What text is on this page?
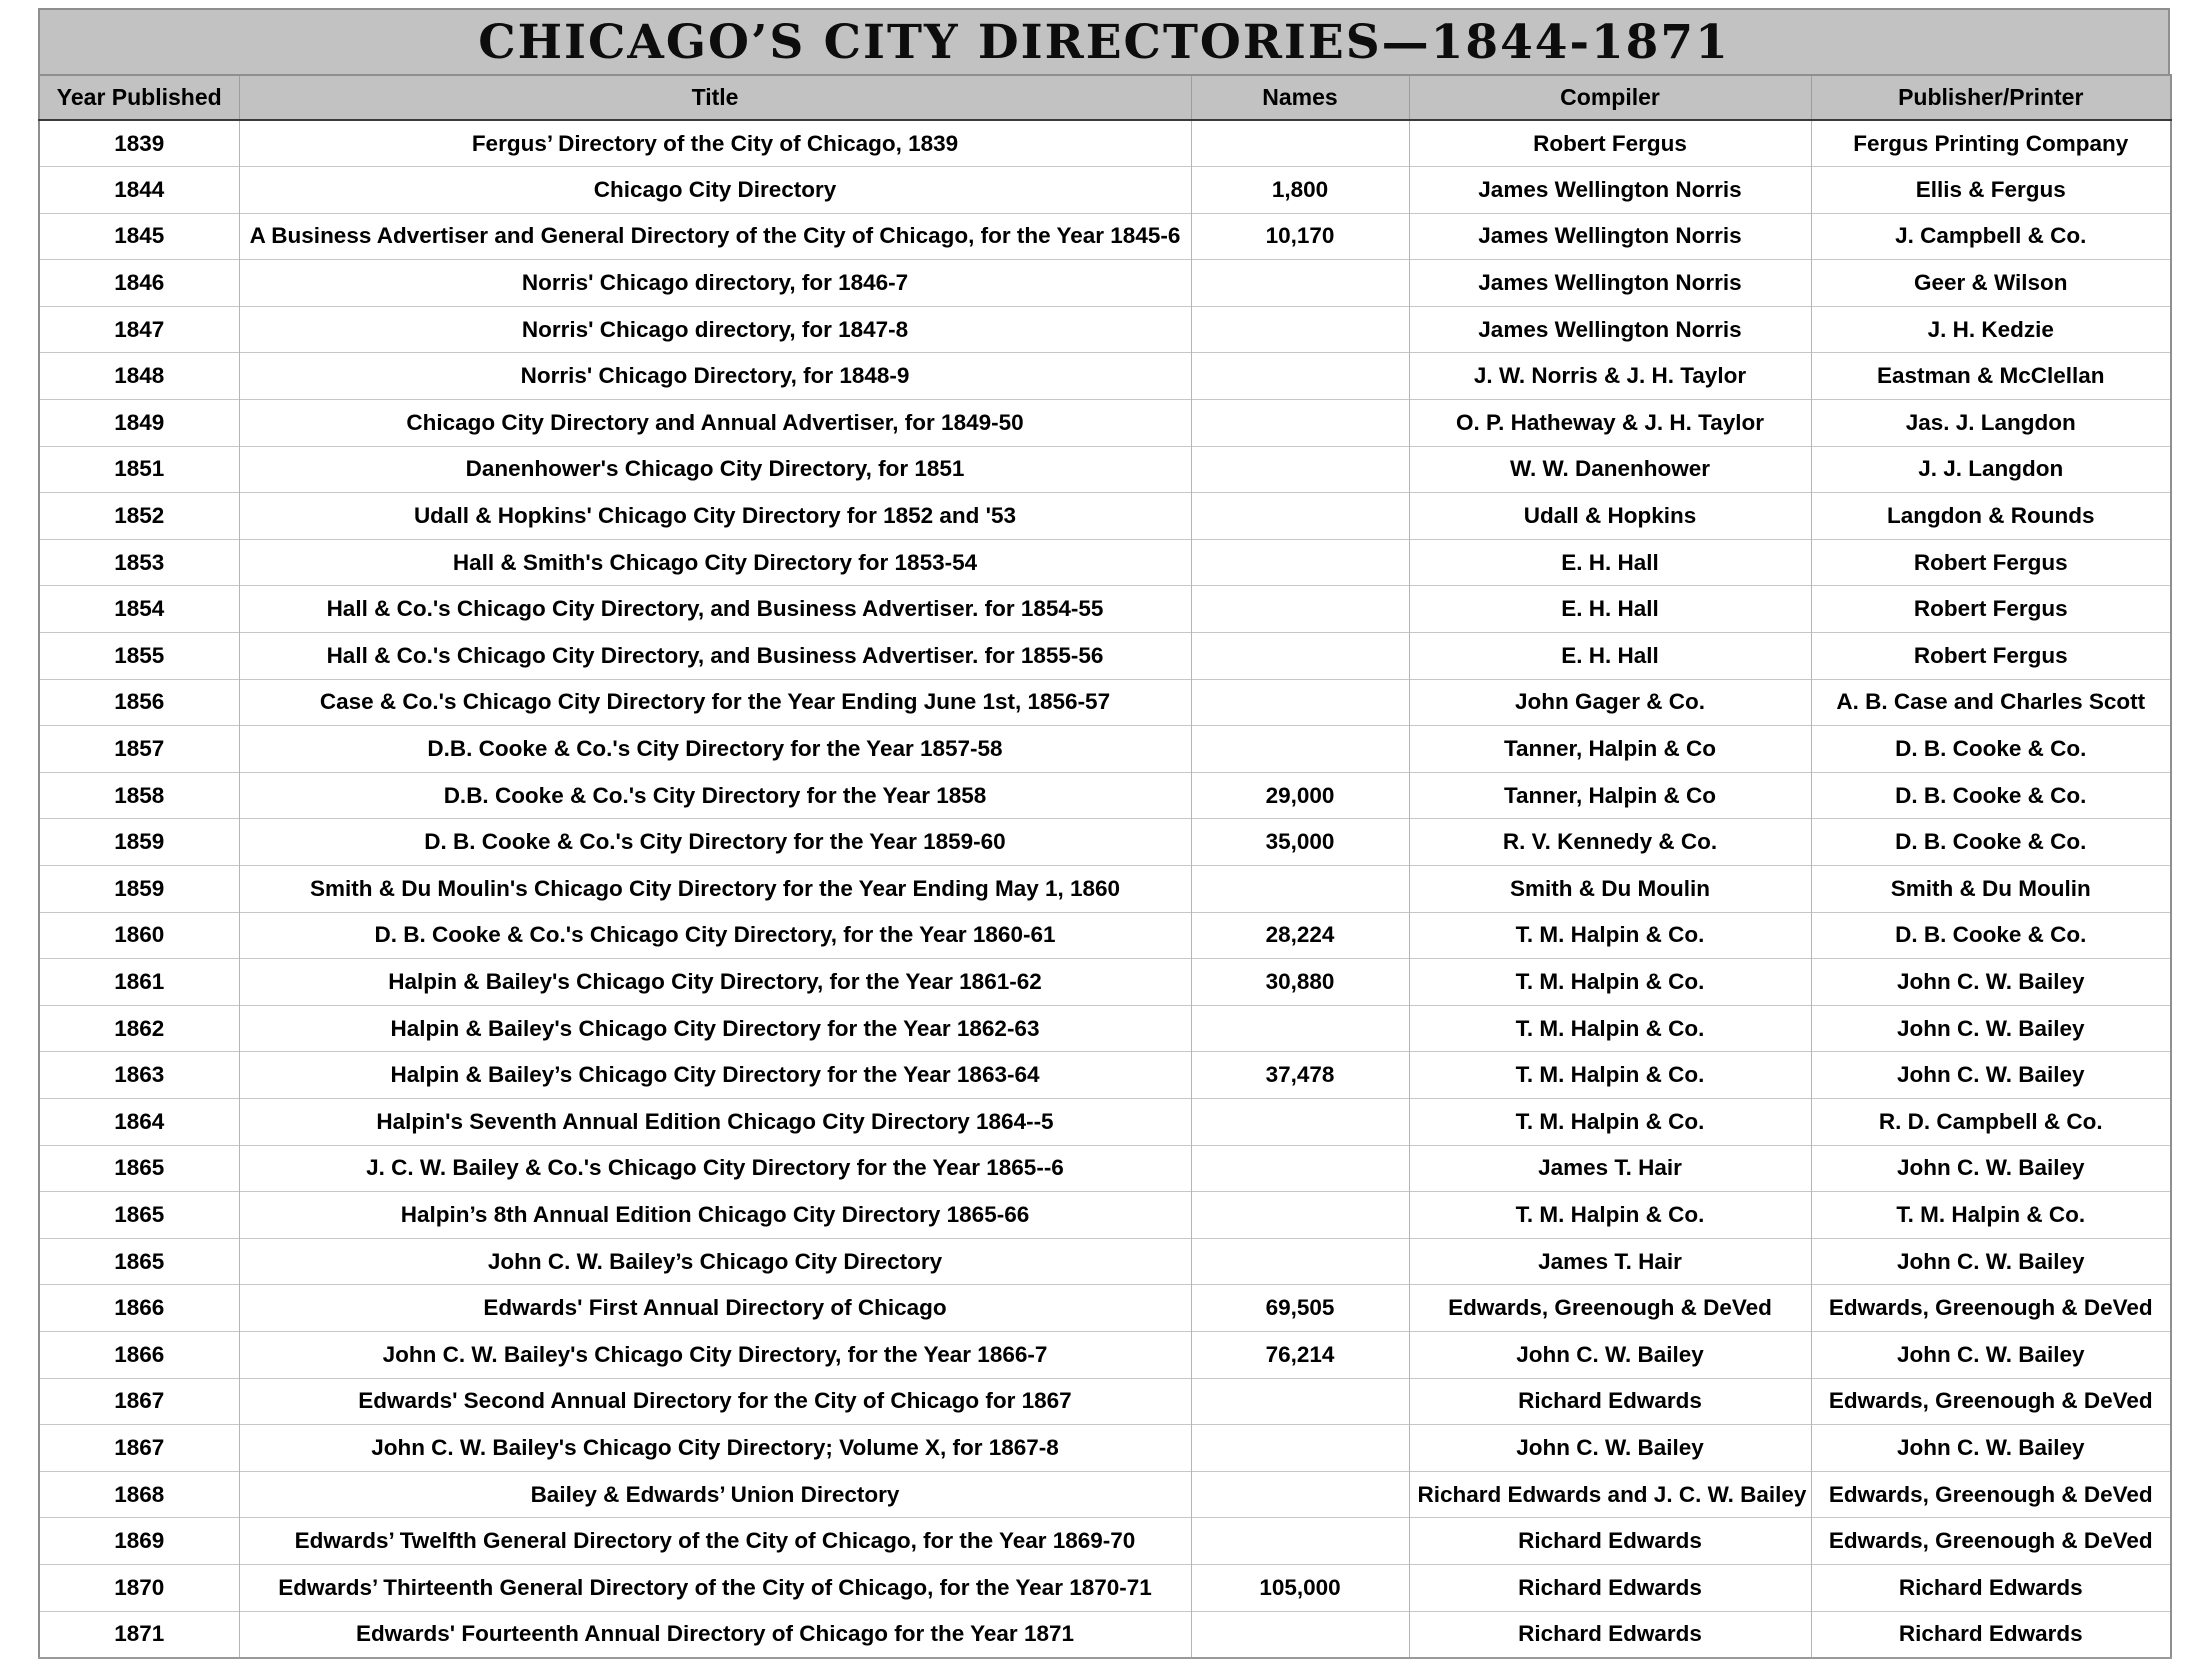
CHICAGO’S CITY DIRECTORIES—1844-1871
Year Published	Title	Names	Compiler	Publisher/Printer
1839	Fergus’ Directory of the City of Chicago, 1839		Robert Fergus	Fergus Printing Company
1844	Chicago City Directory	1,800	James Wellington Norris	Ellis & Fergus
1845	A Business Advertiser and General Directory of the City of Chicago, for the Year 1845-6	10,170	James Wellington Norris	J. Campbell & Co.
1846	Norris' Chicago directory, for 1846-7		James Wellington Norris	Geer & Wilson
1847	Norris' Chicago directory, for 1847-8		James Wellington Norris	J. H. Kedzie
1848	Norris' Chicago Directory, for 1848-9		J. W. Norris & J. H. Taylor	Eastman & McClellan
1849	Chicago City Directory and Annual Advertiser, for 1849-50		O. P. Hatheway & J. H. Taylor	Jas. J. Langdon
1851	Danenhower's Chicago City Directory, for 1851		W. W. Danenhower	J. J. Langdon
1852	Udall & Hopkins' Chicago City Directory for 1852 and '53		Udall & Hopkins	Langdon & Rounds
1853	Hall & Smith's Chicago City Directory for 1853-54		E. H. Hall	Robert Fergus
1854	Hall & Co.'s Chicago City Directory, and Business Advertiser. for 1854-55		E. H. Hall	Robert Fergus
1855	Hall & Co.'s Chicago City Directory, and Business Advertiser. for 1855-56		E. H. Hall	Robert Fergus
1856	Case & Co.'s Chicago City Directory for the Year Ending June 1st, 1856-57		John Gager & Co.	A. B. Case and Charles Scott
1857	D.B. Cooke & Co.'s City Directory for the Year 1857-58		Tanner, Halpin & Co	D. B. Cooke & Co.
1858	D.B. Cooke & Co.'s City Directory for the Year 1858	29,000	Tanner, Halpin & Co	D. B. Cooke & Co.
1859	D. B. Cooke & Co.'s City Directory for the Year 1859-60	35,000	R. V. Kennedy & Co.	D. B. Cooke & Co.
1859	Smith & Du Moulin's Chicago City Directory for the Year Ending May 1, 1860		Smith & Du Moulin	Smith & Du Moulin
1860	D. B. Cooke & Co.'s Chicago City Directory, for the Year 1860-61	28,224	T. M. Halpin & Co.	D. B. Cooke & Co.
1861	Halpin & Bailey's Chicago City Directory, for the Year 1861-62	30,880	T. M. Halpin & Co.	John C. W. Bailey
1862	Halpin & Bailey's Chicago City Directory for the Year 1862-63		T. M. Halpin & Co.	John C. W. Bailey
1863	Halpin & Bailey’s Chicago City Directory for the Year 1863-64	37,478	T. M. Halpin & Co.	John C. W. Bailey
1864	Halpin's Seventh Annual Edition Chicago City Directory 1864--5		T. M. Halpin & Co.	R. D. Campbell & Co.
1865	J. C. W. Bailey & Co.'s Chicago City Directory for the Year 1865--6		James T. Hair	John C. W. Bailey
1865	Halpin’s 8th Annual Edition Chicago City Directory 1865-66		T. M. Halpin & Co.	T. M. Halpin & Co.
1865	John C. W. Bailey’s Chicago City Directory		James T. Hair	John C. W. Bailey
1866	Edwards' First Annual Directory of Chicago	69,505	Edwards, Greenough & DeVed	Edwards, Greenough & DeVed
1866	John C. W. Bailey's Chicago City Directory, for the Year 1866-7	76,214	John C. W. Bailey	John C. W. Bailey
1867	Edwards' Second Annual Directory for the City of Chicago for 1867		Richard Edwards	Edwards, Greenough & DeVed
1867	John C. W. Bailey's Chicago City Directory; Volume X, for 1867-8		John C. W. Bailey	John C. W. Bailey
1868	Bailey & Edwards’ Union Directory		Richard Edwards and J. C. W. Bailey	Edwards, Greenough & DeVed
1869	Edwards’ Twelfth General Directory of the City of Chicago, for the Year 1869-70		Richard Edwards	Edwards, Greenough & DeVed
1870	Edwards’ Thirteenth General Directory of the City of Chicago, for the Year 1870-71	105,000	Richard Edwards	Richard Edwards
1871	Edwards' Fourteenth Annual Directory of Chicago for the Year 1871		Richard Edwards	Richard Edwards
